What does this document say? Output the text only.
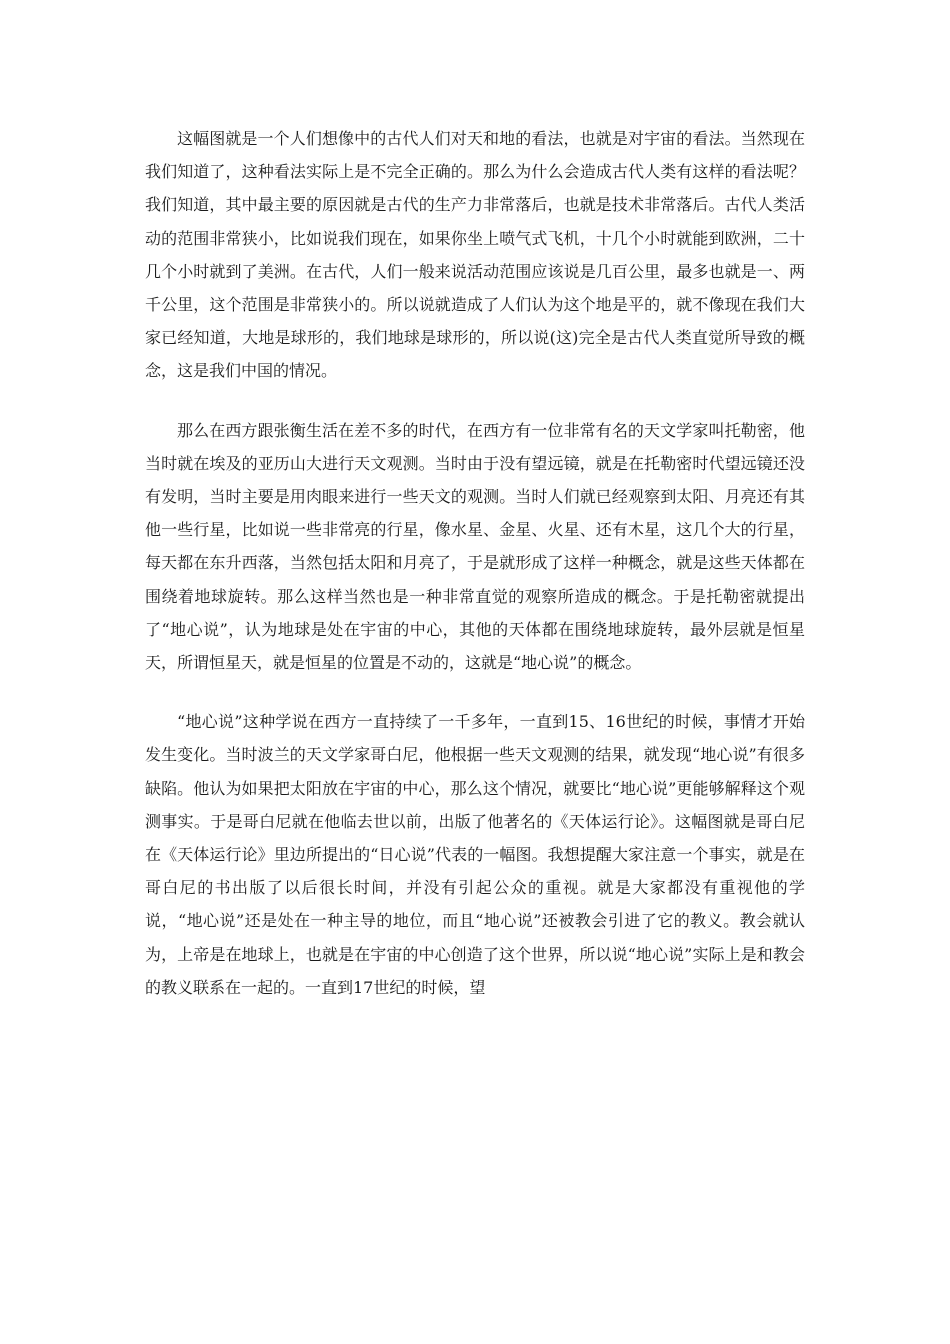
这幅图就是一个人们想像中的古代人们对天和地的看法，也就是对宇宙的看法。当然现在我们知道了，这种看法实际上是不完全正确的。那么为什么会造成古代人类有这样的看法呢？我们知道，其中最主要的原因就是古代的生产力非常落后，也就是技术非常落后。古代人类活动的范围非常狭小，比如说我们现在，如果你坐上喷气式飞机，十几个小时就能到欧洲，二十几个小时就到了美洲。在古代，人们一般来说活动范围应该说是几百公里，最多也就是一、两千公里，这个范围是非常狭小的。所以说就造成了人们认为这个地是平的，就不像现在我们大家已经知道，大地是球形的，我们地球是球形的，所以说(这)完全是古代人类直觉所导致的概念，这是我们中国的情况。

那么在西方跟张衡生活在差不多的时代，在西方有一位非常有名的天文学家叫托勒密，他当时就在埃及的亚历山大进行天文观测。当时由于没有望远镜，就是在托勒密时代望远镜还没有发明，当时主要是用肉眼来进行一些天文的观测。当时人们就已经观察到太阳、月亮还有其他一些行星，比如说一些非常亮的行星，像水星、金星、火星、还有木星，这几个大的行星，每天都在东升西落，当然包括太阳和月亮了，于是就形成了这样一种概念，就是这些天体都在围绕着地球旋转。那么这样当然也是一种非常直觉的观察所造成的概念。于是托勒密就提出了“地心说”，认为地球是处在宇宙的中心，其他的天体都在围绕地球旋转，最外层就是恒星天，所谓恒星天，就是恒星的位置是不动的，这就是“地心说”的概念。

“地心说”这种学说在西方一直持续了一千多年，一直到15、16世纪的时候，事情才开始发生变化。当时波兰的天文学家哥白尼，他根据一些天文观测的结果，就发现“地心说”有很多缺陷。他认为如果把太阳放在宇宙的中心，那么这个情况，就要比“地心说”更能够解释这个观测事实。于是哥白尼就在他临去世以前，出版了他著名的《天体运行论》。这幅图就是哥白尼在《天体运行论》里边所提出的“日心说”代表的一幅图。我想提醒大家注意一个事实，就是在哥白尼的书出版了以后很长时间，并没有引起公众的重视。就是大家都没有重视他的学说，“地心说”还是处在一种主导的地位，而且“地心说”还被教会引进了它的教义。教会就认为，上帝是在地球上，也就是在宇宙的中心创造了这个世界，所以说“地心说”实际上是和教会的教义联系在一起的。一直到17世纪的时候，望
